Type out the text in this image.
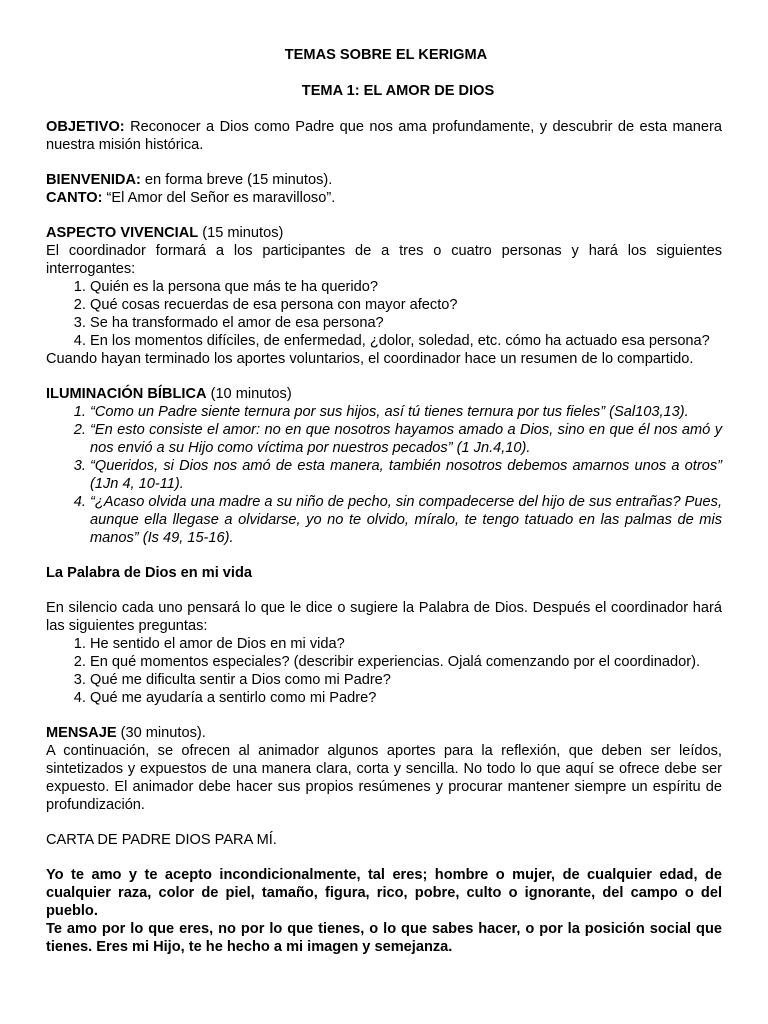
TEMAS SOBRE EL KERIGMA
TEMA 1: EL AMOR DE DIOS

OBJETIVO: Reconocer a Dios como Padre que nos ama profundamente, y descubrir de esta manera nuestra misión histórica.

BIENVENIDA: en forma breve (15 minutos).

CANTO: “El Amor del Señor es maravilloso”.

ASPECTO VIVENCIAL (15 minutos)

El coordinador formará a los participantes de a tres o cuatro personas y hará los siguientes interrogantes:

1. Quién es la persona que más te ha querido?
2. Qué cosas recuerdas de esa persona con mayor afecto?
3. Se ha transformado el amor de esa persona?
4. En los momentos difíciles, de enfermedad, ¿dolor, soledad, etc. cómo ha actuado esa persona?

Cuando hayan terminado los aportes voluntarios, el coordinador hace un resumen de lo compartido.

ILUMINACIÓN BÍBLICA (10 minutos)

1. “Como un Padre siente ternura por sus hijos, así tú tienes ternura por tus fieles” (Sal103,13).
2. “En esto consiste el amor: no en que nosotros hayamos amado a Dios, sino en que él nos amó y nos envió a su Hijo como víctima por nuestros pecados” (1 Jn.4,10).
3. “Queridos, si Dios nos amó de esta manera, también nosotros debemos amarnos unos a otros” (1Jn 4, 10-11).
4. “¿Acaso olvida una madre a su niño de pecho, sin compadecerse del hijo de sus entrañas? Pues, aunque ella llegase a olvidarse, yo no te olvido, míralo, te tengo tatuado en las palmas de mis manos” (Is 49, 15-16).

La Palabra de Dios en mi vida

En silencio cada uno pensará lo que le dice o sugiere la Palabra de Dios. Después el coordinador hará las siguientes preguntas:

1. He sentido el amor de Dios en mi vida?
2. En qué momentos especiales? (describir experiencias. Ojalá comenzando por el coordinador).
3. Qué me dificulta sentir a Dios como mi Padre?
4. Qué me ayudaría a sentirlo como mi Padre?

MENSAJE (30 minutos).

A continuación, se ofrecen al animador algunos aportes para la reflexión, que deben ser leídos, sintetizados y expuestos de una manera clara, corta y sencilla. No todo lo que aquí se ofrece debe ser expuesto. El animador debe hacer sus propios resúmenes y procurar mantener siempre un espíritu de profundización.

CARTA DE PADRE DIOS PARA MÍ.

Yo te amo y te acepto incondicionalmente, tal eres; hombre o mujer, de cualquier edad, de cualquier raza, color de piel, tamaño, figura, rico, pobre, culto o ignorante, del campo o del pueblo.

Te amo por lo que eres, no por lo que tienes, o lo que sabes hacer, o por la posición social que tienes. Eres mi Hijo, te he hecho a mi imagen y semejanza.
